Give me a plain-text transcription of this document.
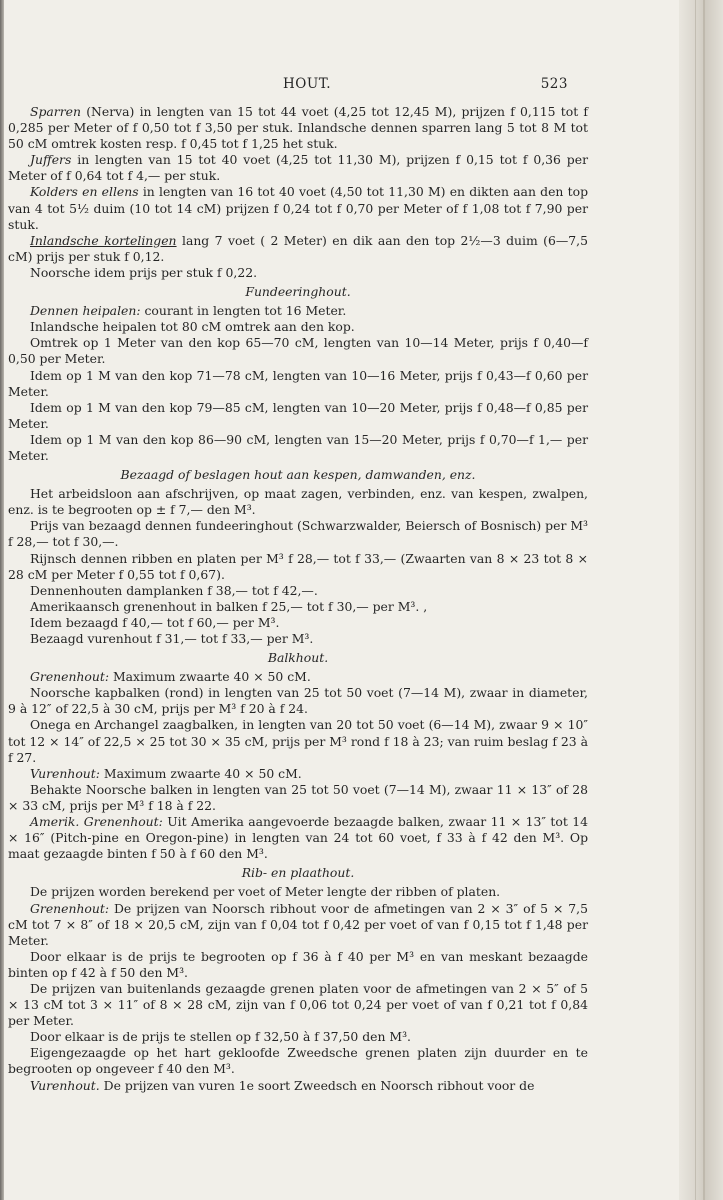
HOUT.	523

Sparren (Nerva) in lengten van 15 tot 44 voet (4,25 tot 12,45 M), prijzen f 0,115 tot f 0,285 per Meter of f 0,50 tot f 3,50 per stuk. Inlandsche dennen sparren lang 5 tot 8 M tot 50 cM omtrek kosten resp. f 0,45 tot f 1,25 het stuk.

Juffers in lengten van 15 tot 40 voet (4,25 tot 11,30 M), prijzen f 0,15 tot f 0,36 per Meter of f 0,64 tot f 4,— per stuk.

Kolders en ellens in lengten van 16 tot 40 voet (4,50 tot 11,30 M) en dikten aan den top van 4 tot 5½ duim (10 tot 14 cM) prijzen f 0,24 tot f 0,70 per Meter of f 1,08 tot f 7,90 per stuk.

Inlandsche kortelingen lang 7 voet ( 2 Meter) en dik aan den top 2½—3 duim (6—7,5 cM) prijs per stuk f 0,12.

Noorsche idem prijs per stuk f 0,22.

Fundeeringhout.

Dennen heipalen: courant in lengten tot 16 Meter.

Inlandsche heipalen tot 80 cM omtrek aan den kop.

Omtrek op 1 Meter van den kop 65—70 cM, lengten van 10—14 Meter, prijs f 0,40—f 0,50 per Meter.

Idem op 1 M van den kop 71—78 cM, lengten van 10—16 Meter, prijs f 0,43—f 0,60 per Meter.

Idem op 1 M van den kop 79—85 cM, lengten van 10—20 Meter, prijs f 0,48—f 0,85 per Meter.

Idem op 1 M van den kop 86—90 cM, lengten van 15—20 Meter, prijs f 0,70—f 1,— per Meter.

Bezaagd of beslagen hout aan kespen, damwanden, enz.

Het arbeidsloon aan afschrijven, op maat zagen, verbinden, enz. van kespen, zwalpen, enz. is te begrooten op ± f 7,— den M³.

Prijs van bezaagd dennen fundeeringhout (Schwarzwalder, Beiersch of Bosnisch) per M³ f 28,— tot f 30,—.

Rijnsch dennen ribben en platen per M³ f 28,— tot f 33,— (Zwaarten van 8 × 23 tot 8 × 28 cM per Meter f 0,55 tot f 0,67).

Dennenhouten damplanken f 38,— tot f 42,—.

Amerikaansch grenenhout in balken f 25,— tot f 30,— per M³. ,

Idem bezaagd f 40,— tot f 60,— per M³.

Bezaagd vurenhout f 31,— tot f 33,— per M³.

Balkhout.

Grenenhout: Maximum zwaarte 40 × 50 cM.

Noorsche kapbalken (rond) in lengten van 25 tot 50 voet (7—14 M), zwaar in diameter, 9 à 12″ of 22,5 à 30 cM, prijs per M³ f 20 à f 24.

Onega en Archangel zaagbalken, in lengten van 20 tot 50 voet (6—14 M), zwaar 9 × 10″ tot 12 × 14″ of 22,5 × 25 tot 30 × 35 cM, prijs per M³ rond f 18 à 23; van ruim beslag f 23 à f 27.

Vurenhout: Maximum zwaarte 40 × 50 cM.

Behakte Noorsche balken in lengten van 25 tot 50 voet (7—14 M), zwaar 11 × 13″ of 28 × 33 cM, prijs per M³ f 18 à f 22.

Amerik. Grenenhout: Uit Amerika aangevoerde bezaagde balken, zwaar 11 × 13″ tot 14 × 16″ (Pitch-pine en Oregon-pine) in lengten van 24 tot 60 voet, f 33 à f 42 den M³. Op maat gezaagde binten f 50 à f 60 den M³.

Rib- en plaathout.

De prijzen worden berekend per voet of Meter lengte der ribben of platen.

Grenenhout: De prijzen van Noorsch ribhout voor de afmetingen van 2 × 3″ of 5 × 7,5 cM tot 7 × 8″ of 18 × 20,5 cM, zijn van f 0,04 tot f 0,42 per voet of van f 0,15 tot f 1,48 per Meter.

Door elkaar is de prijs te begrooten op f 36 à f 40 per M³ en van meskant bezaagde binten op f 42 à f 50 den M³.

De prijzen van buitenlands gezaagde grenen platen voor de afmetingen van 2 × 5″ of 5 × 13 cM tot 3 × 11″ of 8 × 28 cM, zijn van f 0,06 tot 0,24 per voet of van f 0,21 tot f 0,84 per Meter.

Door elkaar is de prijs te stellen op f 32,50 à f 37,50 den M³.

Eigengezaagde op het hart gekloofde Zweedsche grenen platen zijn duurder en te begrooten op ongeveer f 40 den M³.

Vurenhout. De prijzen van vuren 1e soort Zweedsch en Noorsch ribhout voor de
